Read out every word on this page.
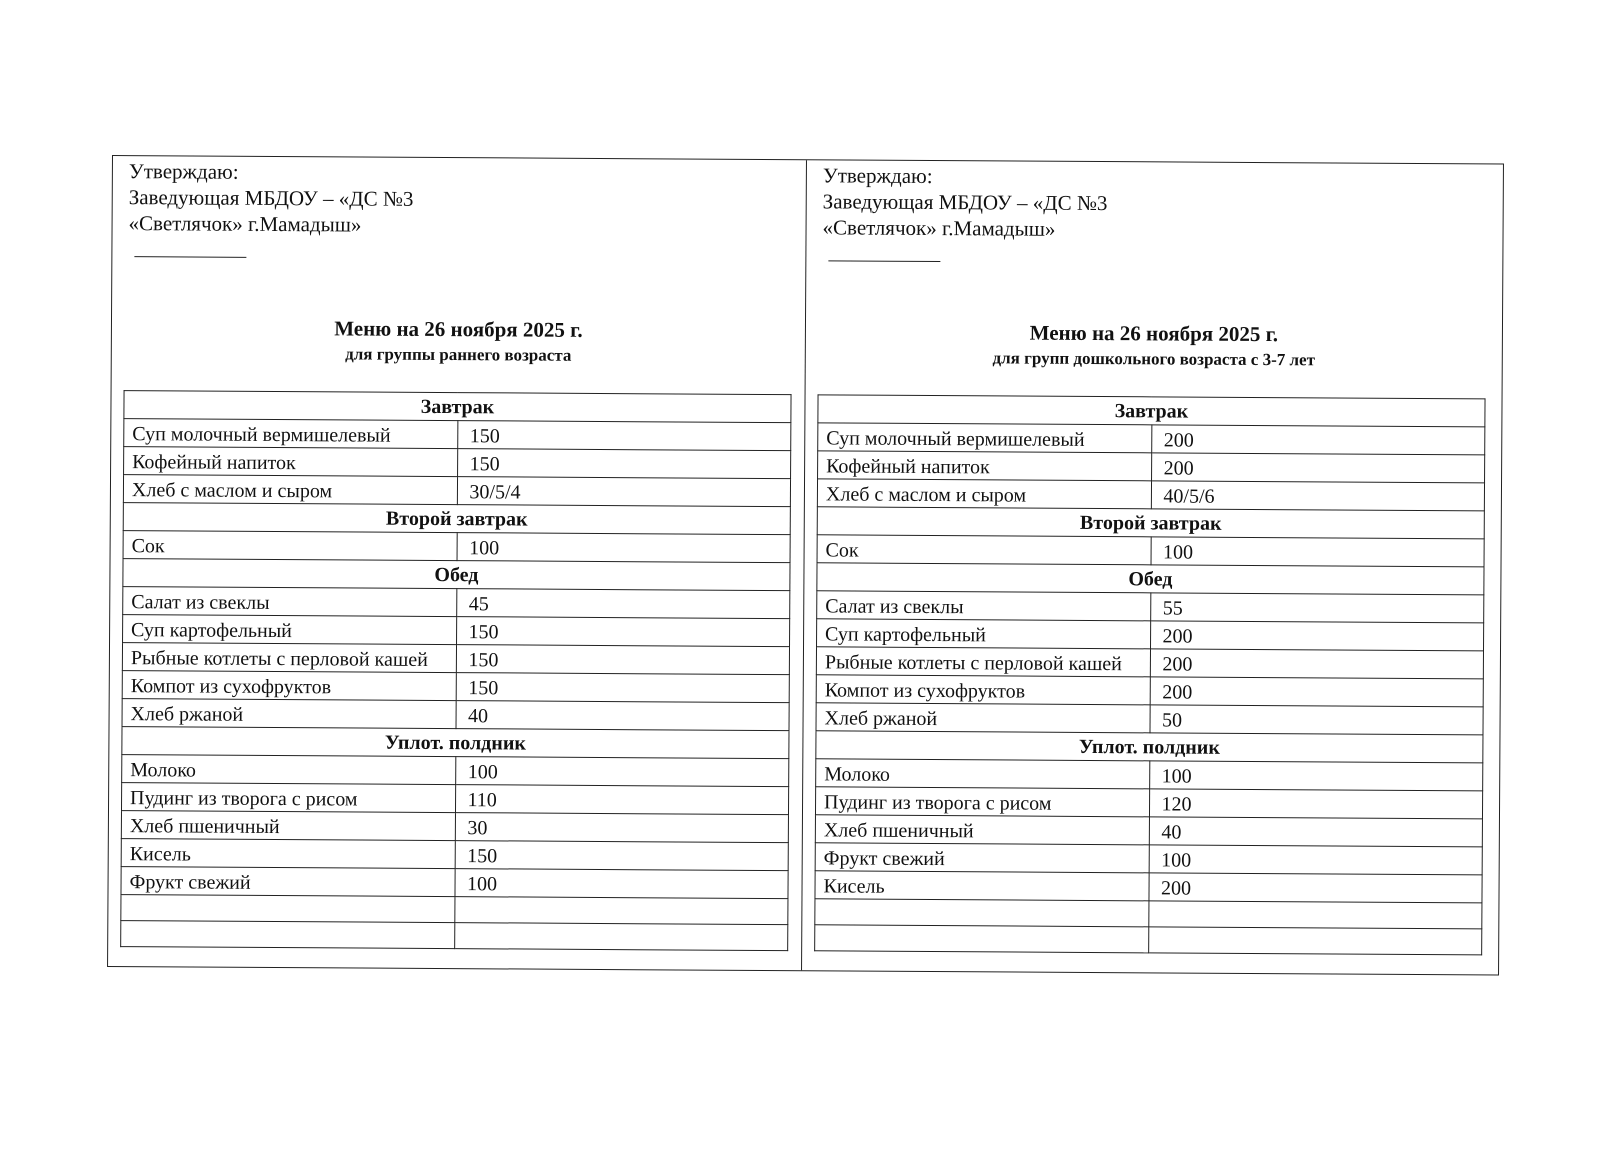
Утверждаю:
Заведующая МБДОУ – «ДС №3
«Светлячок» г.Мамадыш»
Меню на 26 ноября 2025 г.
для группы раннего возраста
Завтрак	
Суп молочный вермишелевый	150
Кофейный напиток	150
Хлеб с маслом и сыром	30/5/4
Второй завтрак	
Сок	100
Обед	
Салат из свеклы	45
Суп картофельный	150
Рыбные котлеты с перловой кашей	150
Компот из сухофруктов	150
Хлеб ржаной	40
Уплот. полдник	
Молоко	100
Пудинг из творога с рисом	110
Хлеб пшеничный	30
Кисель	150
Фрукт свежий	100

Утверждаю:
Заведующая МБДОУ – «ДС №3
«Светлячок» г.Мамадыш»
Меню на 26 ноября 2025 г.
для групп дошкольного возраста с 3-7 лет
Завтрак	
Суп молочный вермишелевый	200
Кофейный напиток	200
Хлеб с маслом и сыром	40/5/6
Второй завтрак	
Сок	100
Обед	
Салат из свеклы	55
Суп картофельный	200
Рыбные котлеты с перловой кашей	200
Компот из сухофруктов	200
Хлеб ржаной	50
Уплот. полдник	
Молоко	100
Пудинг из творога с рисом	120
Хлеб пшеничный	40
Фрукт свежий	100
Кисель	200
